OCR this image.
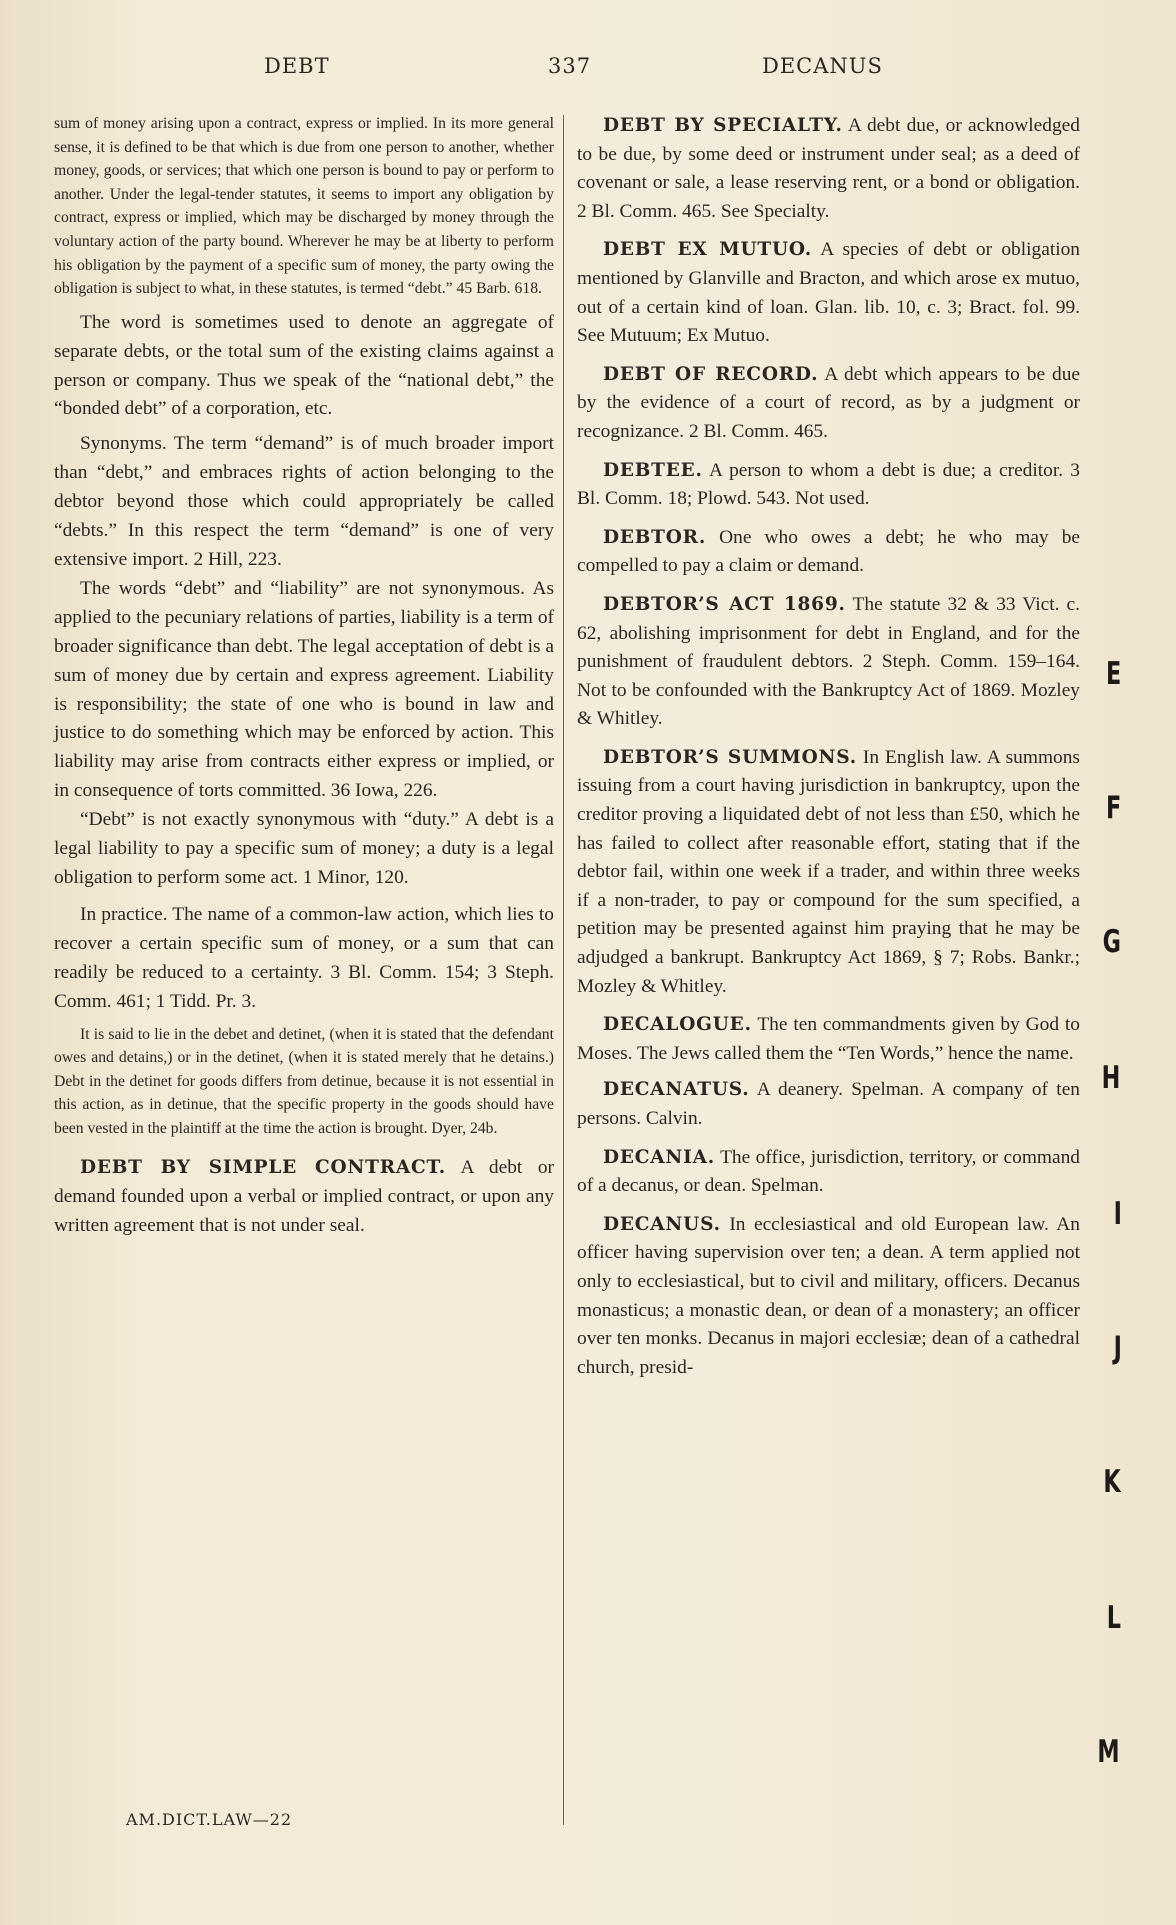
DEBT	337	DECANUS

sum of money arising upon a contract, express or implied. In its more general sense, it is defined to be that which is due from one person to another, whether money, goods, or services; that which one person is bound to pay or perform to another. Under the legal-tender statutes, it seems to import any obligation by contract, express or implied, which may be discharged by money through the voluntary action of the party bound. Wherever he may be at liberty to perform his obligation by the payment of a specific sum of money, the party owing the obligation is subject to what, in these statutes, is termed “debt.” 45 Barb. 618.

The word is sometimes used to denote an aggregate of separate debts, or the total sum of the existing claims against a person or company. Thus we speak of the “national debt,” the “bonded debt” of a corporation, etc.

Synonyms. The term “demand” is of much broader import than “debt,” and embraces rights of action belonging to the debtor beyond those which could appropriately be called “debts.” In this respect the term “demand” is one of very extensive import. 2 Hill, 223.

The words “debt” and “liability” are not synonymous. As applied to the pecuniary relations of parties, liability is a term of broader significance than debt. The legal acceptation of debt is a sum of money due by certain and express agreement. Liability is responsibility; the state of one who is bound in law and justice to do something which may be enforced by action. This liability may arise from contracts either express or implied, or in consequence of torts committed. 36 Iowa, 226.

“Debt” is not exactly synonymous with “duty.” A debt is a legal liability to pay a specific sum of money; a duty is a legal obligation to perform some act. 1 Minor, 120.

In practice. The name of a common-law action, which lies to recover a certain specific sum of money, or a sum that can readily be reduced to a certainty. 3 Bl. Comm. 154; 3 Steph. Comm. 461; 1 Tidd. Pr. 3.

It is said to lie in the debet and detinet, (when it is stated that the defendant owes and detains,) or in the detinet, (when it is stated merely that he detains.) Debt in the detinet for goods differs from detinue, because it is not essential in this action, as in detinue, that the specific property in the goods should have been vested in the plaintiff at the time the action is brought. Dyer, 24b.

DEBT BY SIMPLE CONTRACT. A debt or demand founded upon a verbal or implied contract, or upon any written agreement that is not under seal.

DEBT BY SPECIALTY. A debt due, or acknowledged to be due, by some deed or instrument under seal; as a deed of covenant or sale, a lease reserving rent, or a bond or obligation. 2 Bl. Comm. 465. See Specialty.

DEBT EX MUTUO. A species of debt or obligation mentioned by Glanville and Bracton, and which arose ex mutuo, out of a certain kind of loan. Glan. lib. 10, c. 3; Bract. fol. 99. See Mutuum; Ex Mutuo.

DEBT OF RECORD. A debt which appears to be due by the evidence of a court of record, as by a judgment or recognizance. 2 Bl. Comm. 465.

DEBTEE. A person to whom a debt is due; a creditor. 3 Bl. Comm. 18; Plowd. 543. Not used.

DEBTOR. One who owes a debt; he who may be compelled to pay a claim or demand.

DEBTOR’S ACT 1869. The statute 32 & 33 Vict. c. 62, abolishing imprisonment for debt in England, and for the punishment of fraudulent debtors. 2 Steph. Comm. 159–164. Not to be confounded with the Bankruptcy Act of 1869. Mozley & Whitley.

DEBTOR’S SUMMONS. In English law. A summons issuing from a court having jurisdiction in bankruptcy, upon the creditor proving a liquidated debt of not less than £50, which he has failed to collect after reasonable effort, stating that if the debtor fail, within one week if a trader, and within three weeks if a non-trader, to pay or compound for the sum specified, a petition may be presented against him praying that he may be adjudged a bankrupt. Bankruptcy Act 1869, § 7; Robs. Bankr.; Mozley & Whitley.

DECALOGUE. The ten commandments given by God to Moses. The Jews called them the “Ten Words,” hence the name.

DECANATUS. A deanery. Spelman. A company of ten persons. Calvin.

DECANIA. The office, jurisdiction, territory, or command of a decanus, or dean. Spelman.

DECANUS. In ecclesiastical and old European law. An officer having supervision over ten; a dean. A term applied not only to ecclesiastical, but to civil and military, officers. Decanus monasticus; a monastic dean, or dean of a monastery; an officer over ten monks. Decanus in majori ecclesiæ; dean of a cathedral church, presid-

AM.DICT.LAW—22
E
F
G
H
I
J
K
L
M
